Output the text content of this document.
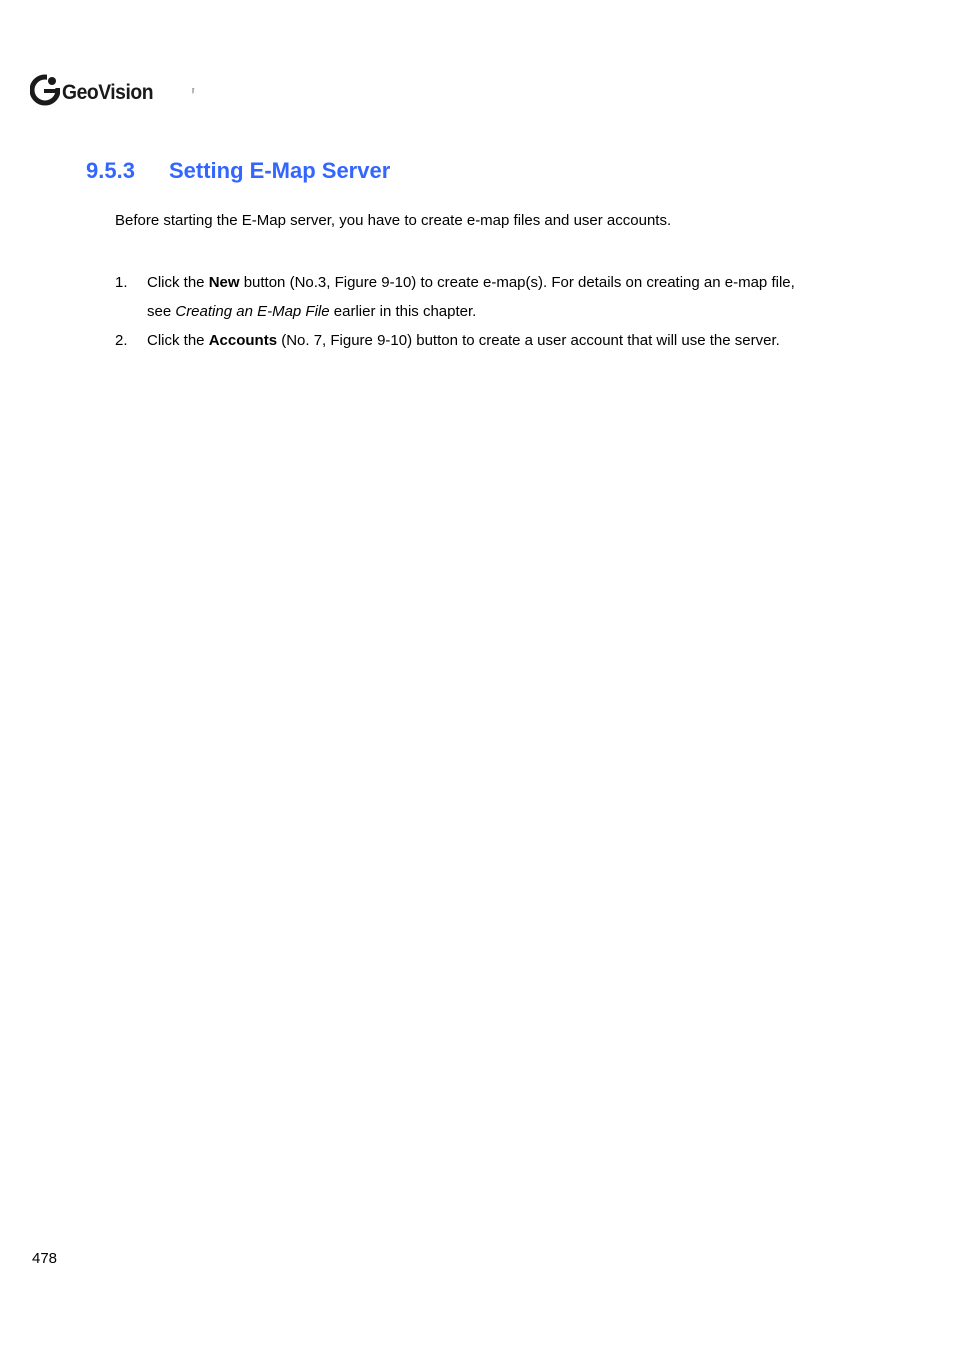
GeoVision	Inc.
9.5.3 Setting E-Map Server

Before starting the E-Map server, you have to create e-map files and user accounts.

1. Click the New button (No.3, Figure 9-10) to create e-map(s). For details on creating an e-map file,
see Creating an E-Map File earlier in this chapter.
2. Click the Accounts (No. 7, Figure 9-10) button to create a user account that will use the server.
478
